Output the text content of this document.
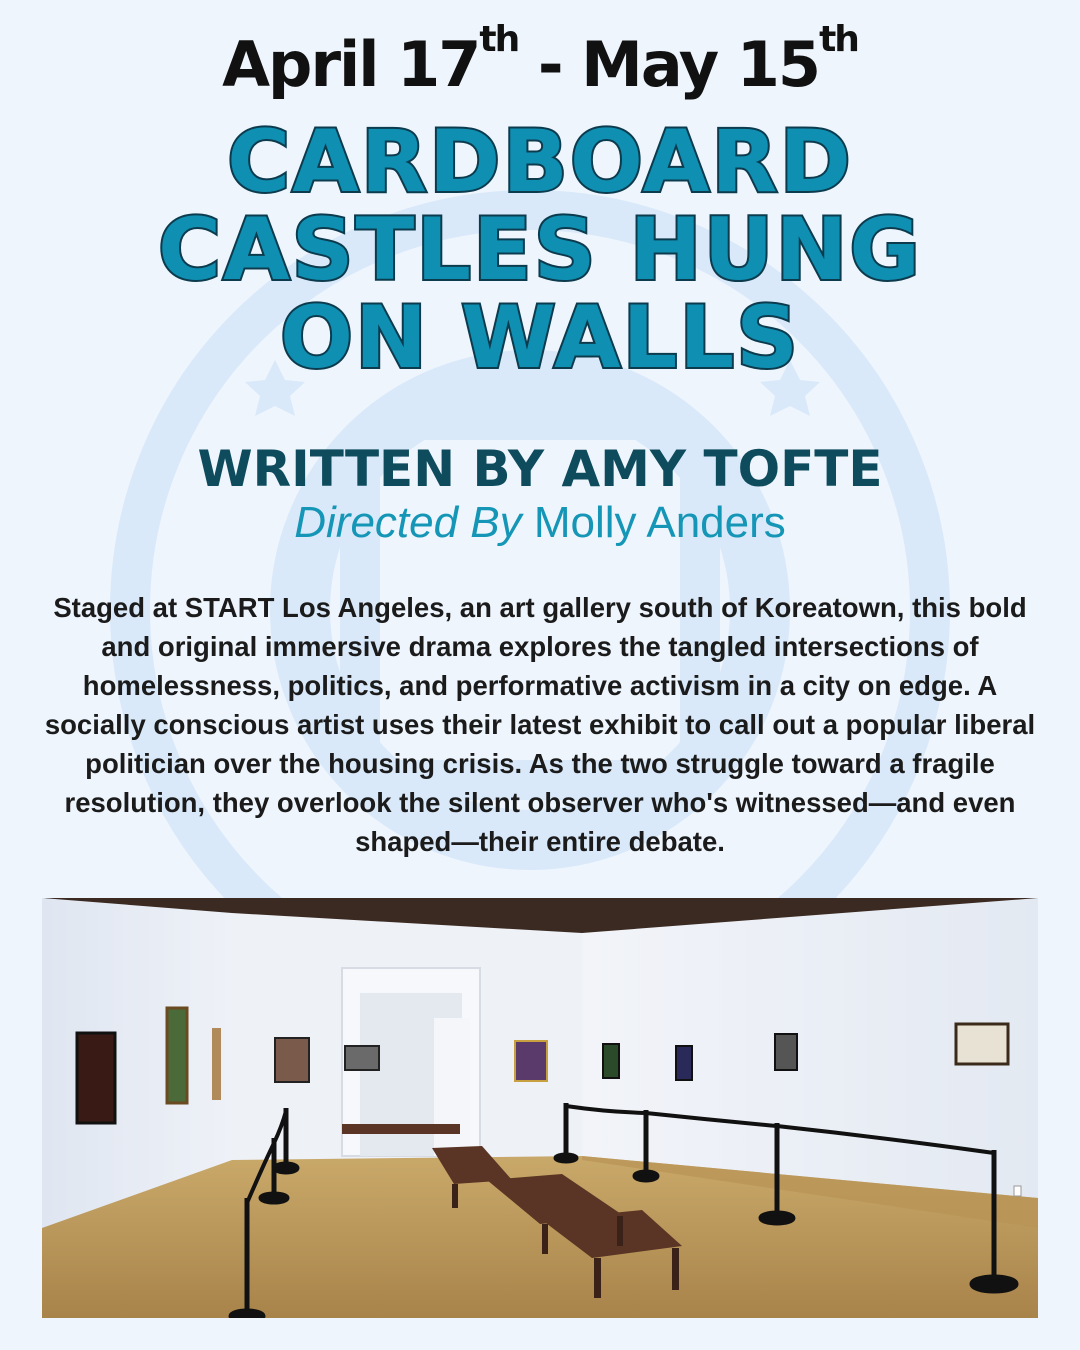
April 17th - May 15th
CARDBOARD
CASTLES HUNG
ON WALLS
WRITTEN BY AMY TOFTE
Directed By Molly Anders

Staged at START Los Angeles, an art gallery south of Koreatown, this bold and original immersive drama explores the tangled intersections of homelessness, politics, and performative activism in a city on edge. A socially conscious artist uses their latest exhibit to call out a popular liberal politician over the housing crisis. As the two struggle toward a fragile resolution, they overlook the silent observer who's witnessed—and even shaped—their entire debate.
